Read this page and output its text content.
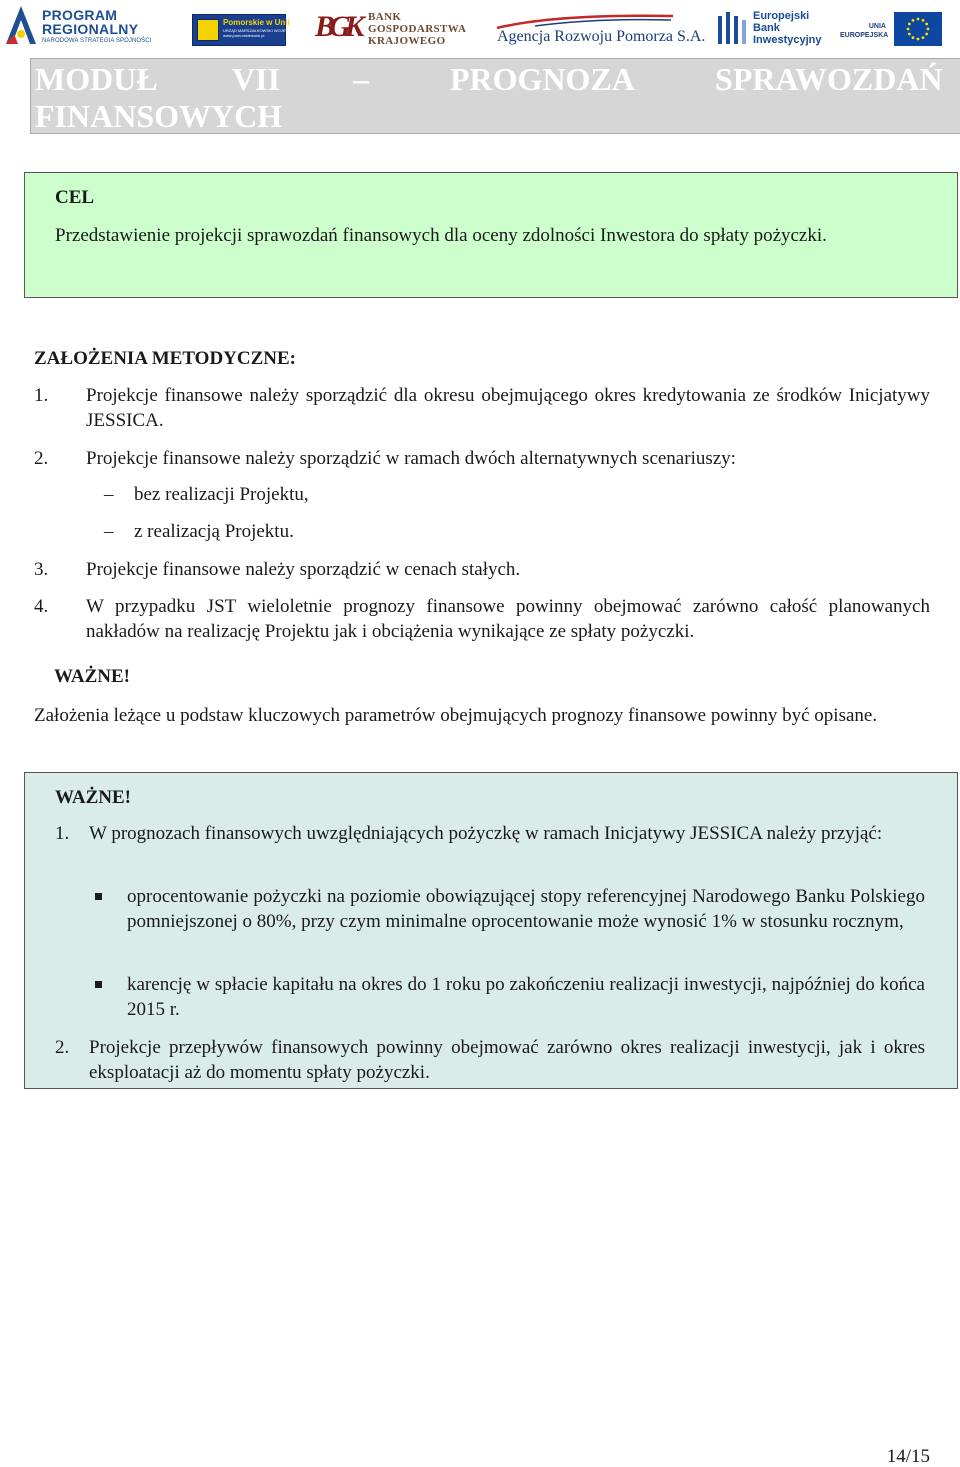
PROGRAM
REGIONALNY
NARODOWA STRATEGIA SPÓJNOŚCI
Pomorskie w Unii
URZĄD MARSZAŁKOWSKI WOJEWÓDZTWA POMORSKIEGO
www.pomorskiewunii.pl	BGK BANK
GOSPODARSTWA
KRAJOWEGO	Agencja Rozwoju Pomorza S.A.
Europejski
Bank
Inwestycyjny
UNIA
EUROPEJSKA
MODUŁ VII –	PROGNOZA	SPRAWOZDAŃ
FINANSOWYCH
CEL
Przedstawienie projekcji sprawozdań finansowych dla oceny zdolności Inwestora do spłaty pożyczki.
ZAŁOŻENIA METODYCZNE:
1. Projekcje finansowe należy sporządzić dla okresu obejmującego okres kredytowania ze środków Inicjatywy JESSICA.
2. Projekcje finansowe należy sporządzić w ramach dwóch alternatywnych scenariuszy:
– bez realizacji Projektu,
– z realizacją Projektu.
3. Projekcje finansowe należy sporządzić w cenach stałych.
4. W przypadku JST wieloletnie prognozy finansowe powinny obejmować zarówno całość planowanych nakładów na realizację Projektu jak i obciążenia wynikające ze spłaty pożyczki.
WAŻNE!
Założenia leżące u podstaw kluczowych parametrów obejmujących prognozy finansowe powinny być opisane.
WAŻNE!
1. W prognozach finansowych uwzględniających pożyczkę w ramach Inicjatywy JESSICA należy przyjąć:
oprocentowanie pożyczki na poziomie obowiązującej stopy referencyjnej Narodowego Banku Polskiego pomniejszonej o 80%, przy czym minimalne oprocentowanie może wynosić 1% w stosunku rocznym,
karencję w spłacie kapitału na okres do 1 roku po zakończeniu realizacji inwestycji, najpóźniej do końca 2015 r.
2. Projekcje przepływów finansowych powinny obejmować zarówno okres realizacji inwestycji, jak i okres eksploatacji aż do momentu spłaty pożyczki.
14/15
